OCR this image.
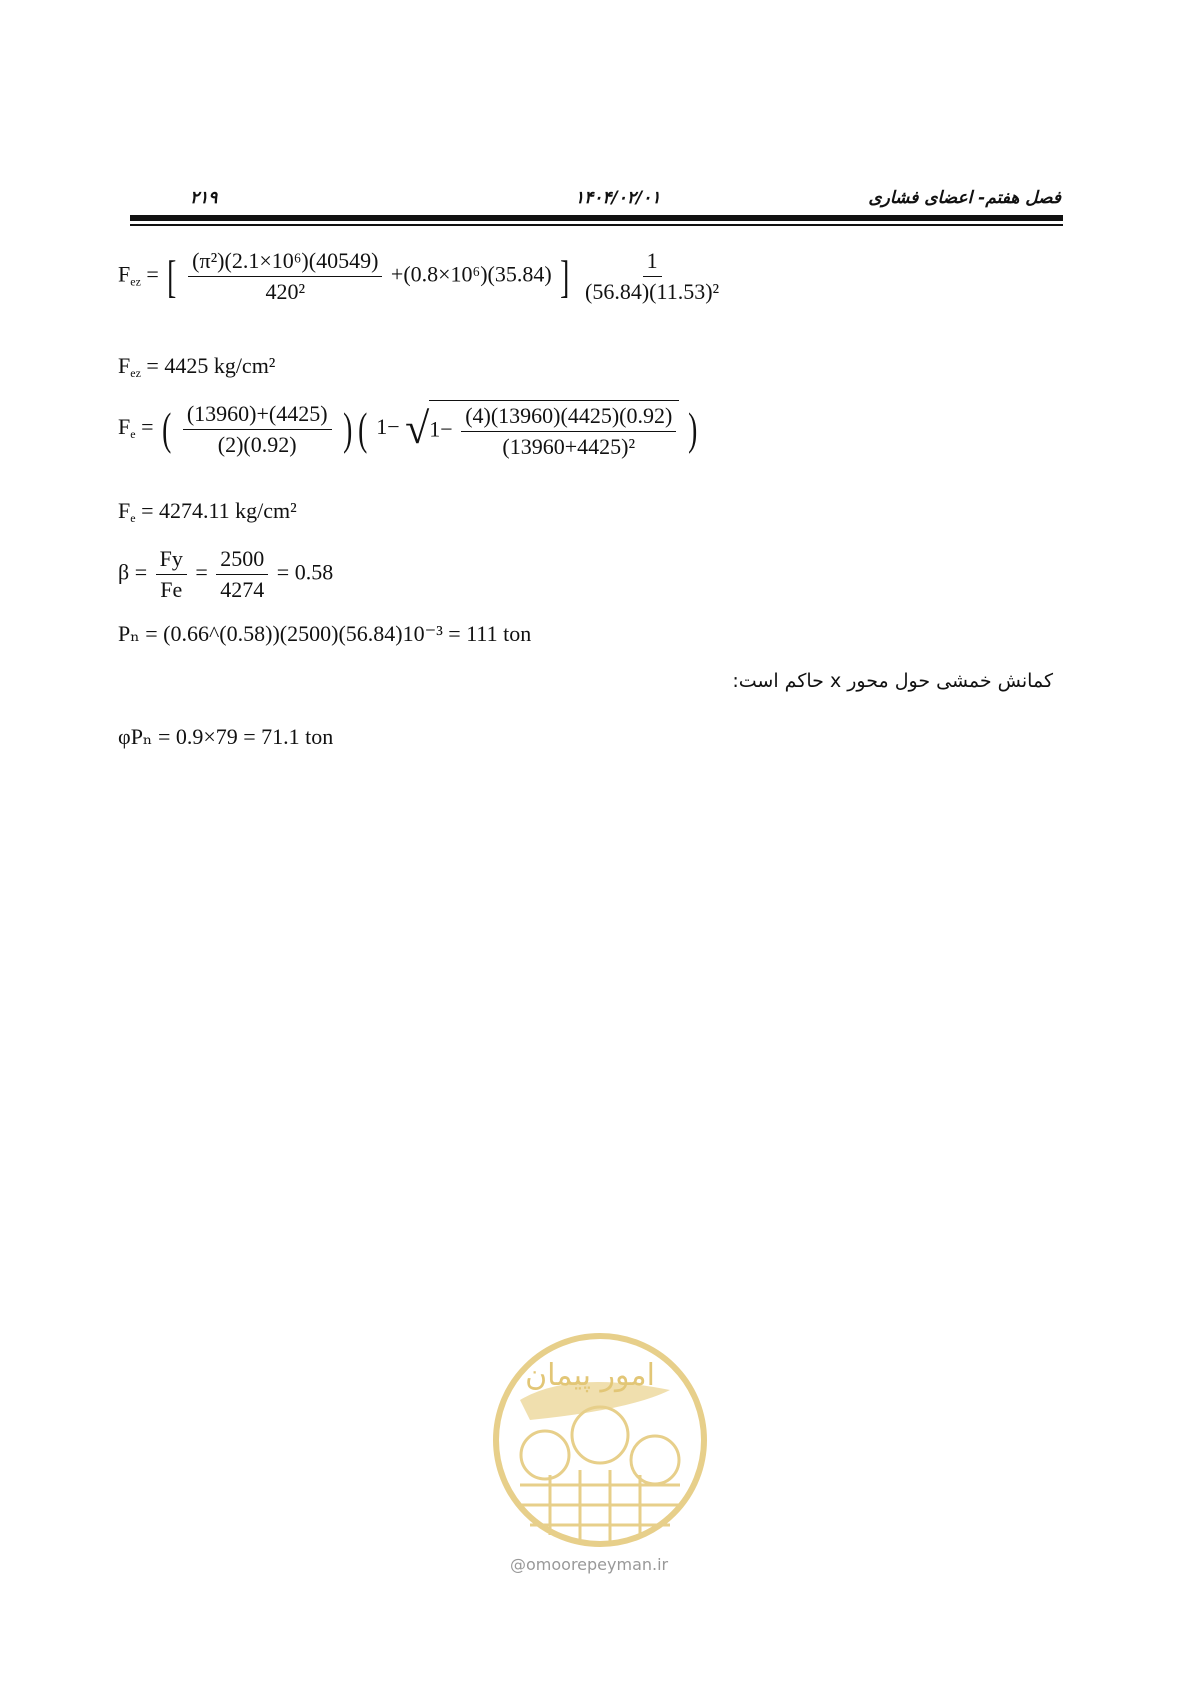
۲۱۹	۱۴۰۴/۰۲/۰۱	فصل هفتم- اعضای فشاری
$F_{ez}$ = [ $\frac{\text{(π²)(2.1×10⁶)(40549)}}{\text{420²}} +(0.8\times 10^6)(35.84)$ ] $\frac{1}{\text{(56.84)(11.53)²}}$
$F_{ez} = 4425$ kg/cm²
$F_e$ = ( $\frac{(13960)+(4425)}{(2)(0.92)}$ ) ( $1- √1- \frac{(4)(13960)(4425)(0.92)}{\text{(13960+4425)²}}$ )
$F_e = 4274.11$ kg/cm²
$\beta = \frac{Fy}{Fe} = \frac{2500}{4274} = 0.58$
Pₙ = (0.66^(0.58))(2500)(56.84)10⁻³ = 111 ton
کمانش خمشی حول محور x حاکم است:
φPₙ = 0.9×79 = 71.1 ton
امور پیمان
@omoorepeyman.ir
